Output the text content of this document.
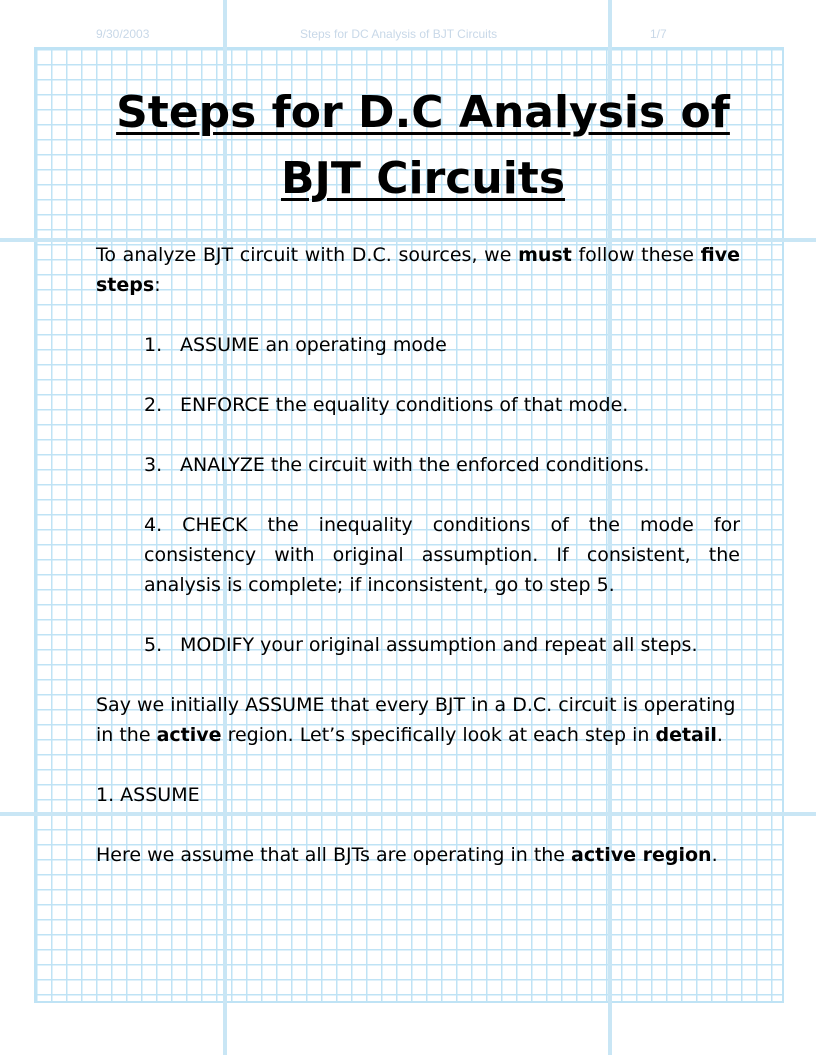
9/30/2003	Steps for DC Analysis of BJT Circuits	1/7
Steps for D.C Analysis of
BJT Circuits

To analyze BJT circuit with D.C. sources, we must follow these five steps:

1. ASSUME an operating mode
2. ENFORCE the equality conditions of that mode.
3. ANALYZE the circuit with the enforced conditions.
4. CHECK the inequality conditions of the mode for consistency with original assumption. If consistent, the analysis is complete; if inconsistent, go to step 5.
5. MODIFY your original assumption and repeat all steps.

Say we initially ASSUME that every BJT in a D.C. circuit is operating in the active region. Let’s specifically look at each step in detail.

1. ASSUME

Here we assume that all BJTs are operating in the active region.
